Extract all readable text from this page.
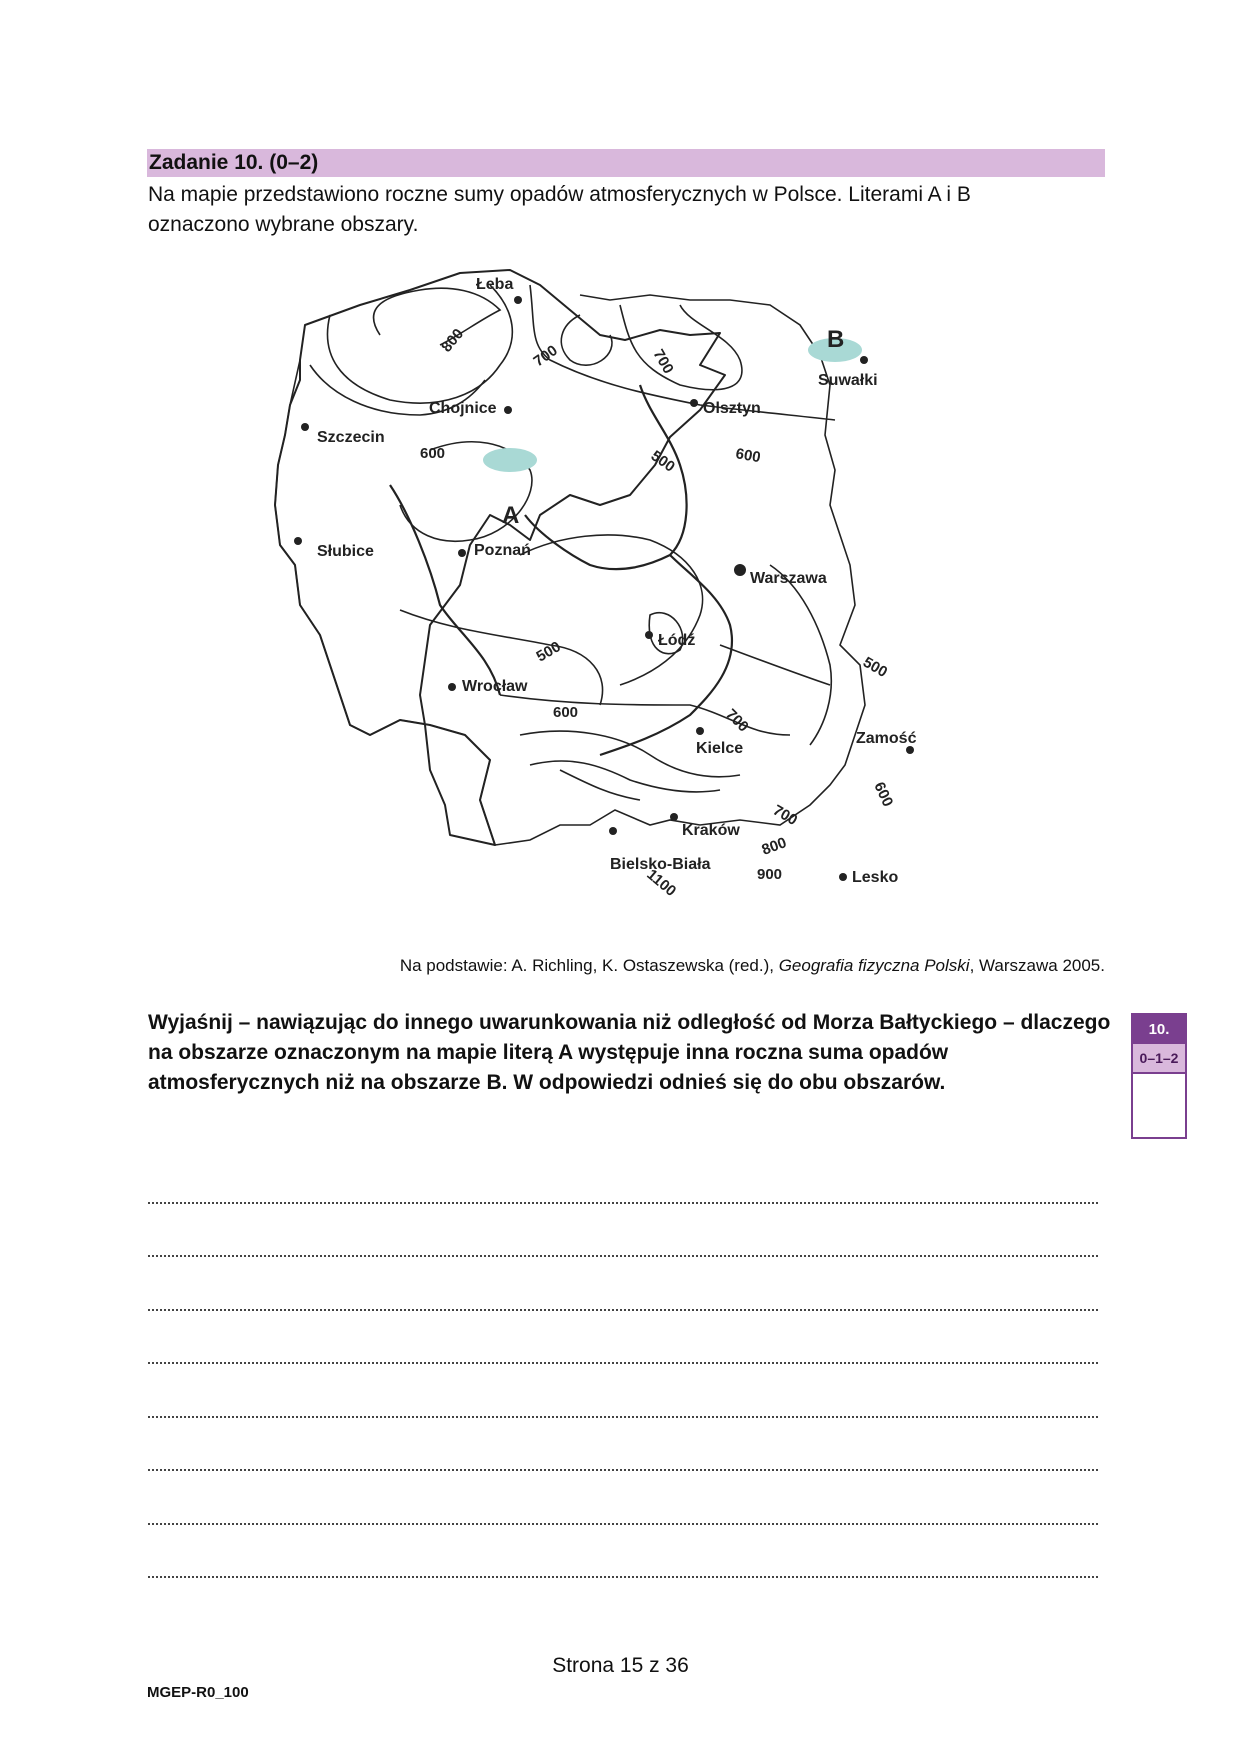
Zadanie 10. (0–2)
Na mapie przedstawiono roczne sumy opadów atmosferycznych w Polsce. Literami A i B
oznaczono wybrane obszary.
Łeba
Suwałki
Chojnice	Olsztyn
Szczecin
Słubice	Poznań
Warszawa
Łódź
Wrocław
Kielce
Zamość
Kraków
Bielsko-Biała
Lesko
800
700	700
600	600
500
500
600	700
500
600
700
800
900
1100
A
B
Na podstawie: A. Richling, K. Ostaszewska (red.), Geografia fizyczna Polski, Warszawa 2005.
Wyjaśnij – nawiązując do innego uwarunkowania niż odległość od Morza Bałtyckiego – dlaczego na obszarze oznaczonym na mapie literą A występuje inna roczna suma opadów atmosferycznych niż na obszarze B. W odpowiedzi odnieś się do obu obszarów.
10.
0–1–2
Strona 15 z 36
MGEP-R0_100
